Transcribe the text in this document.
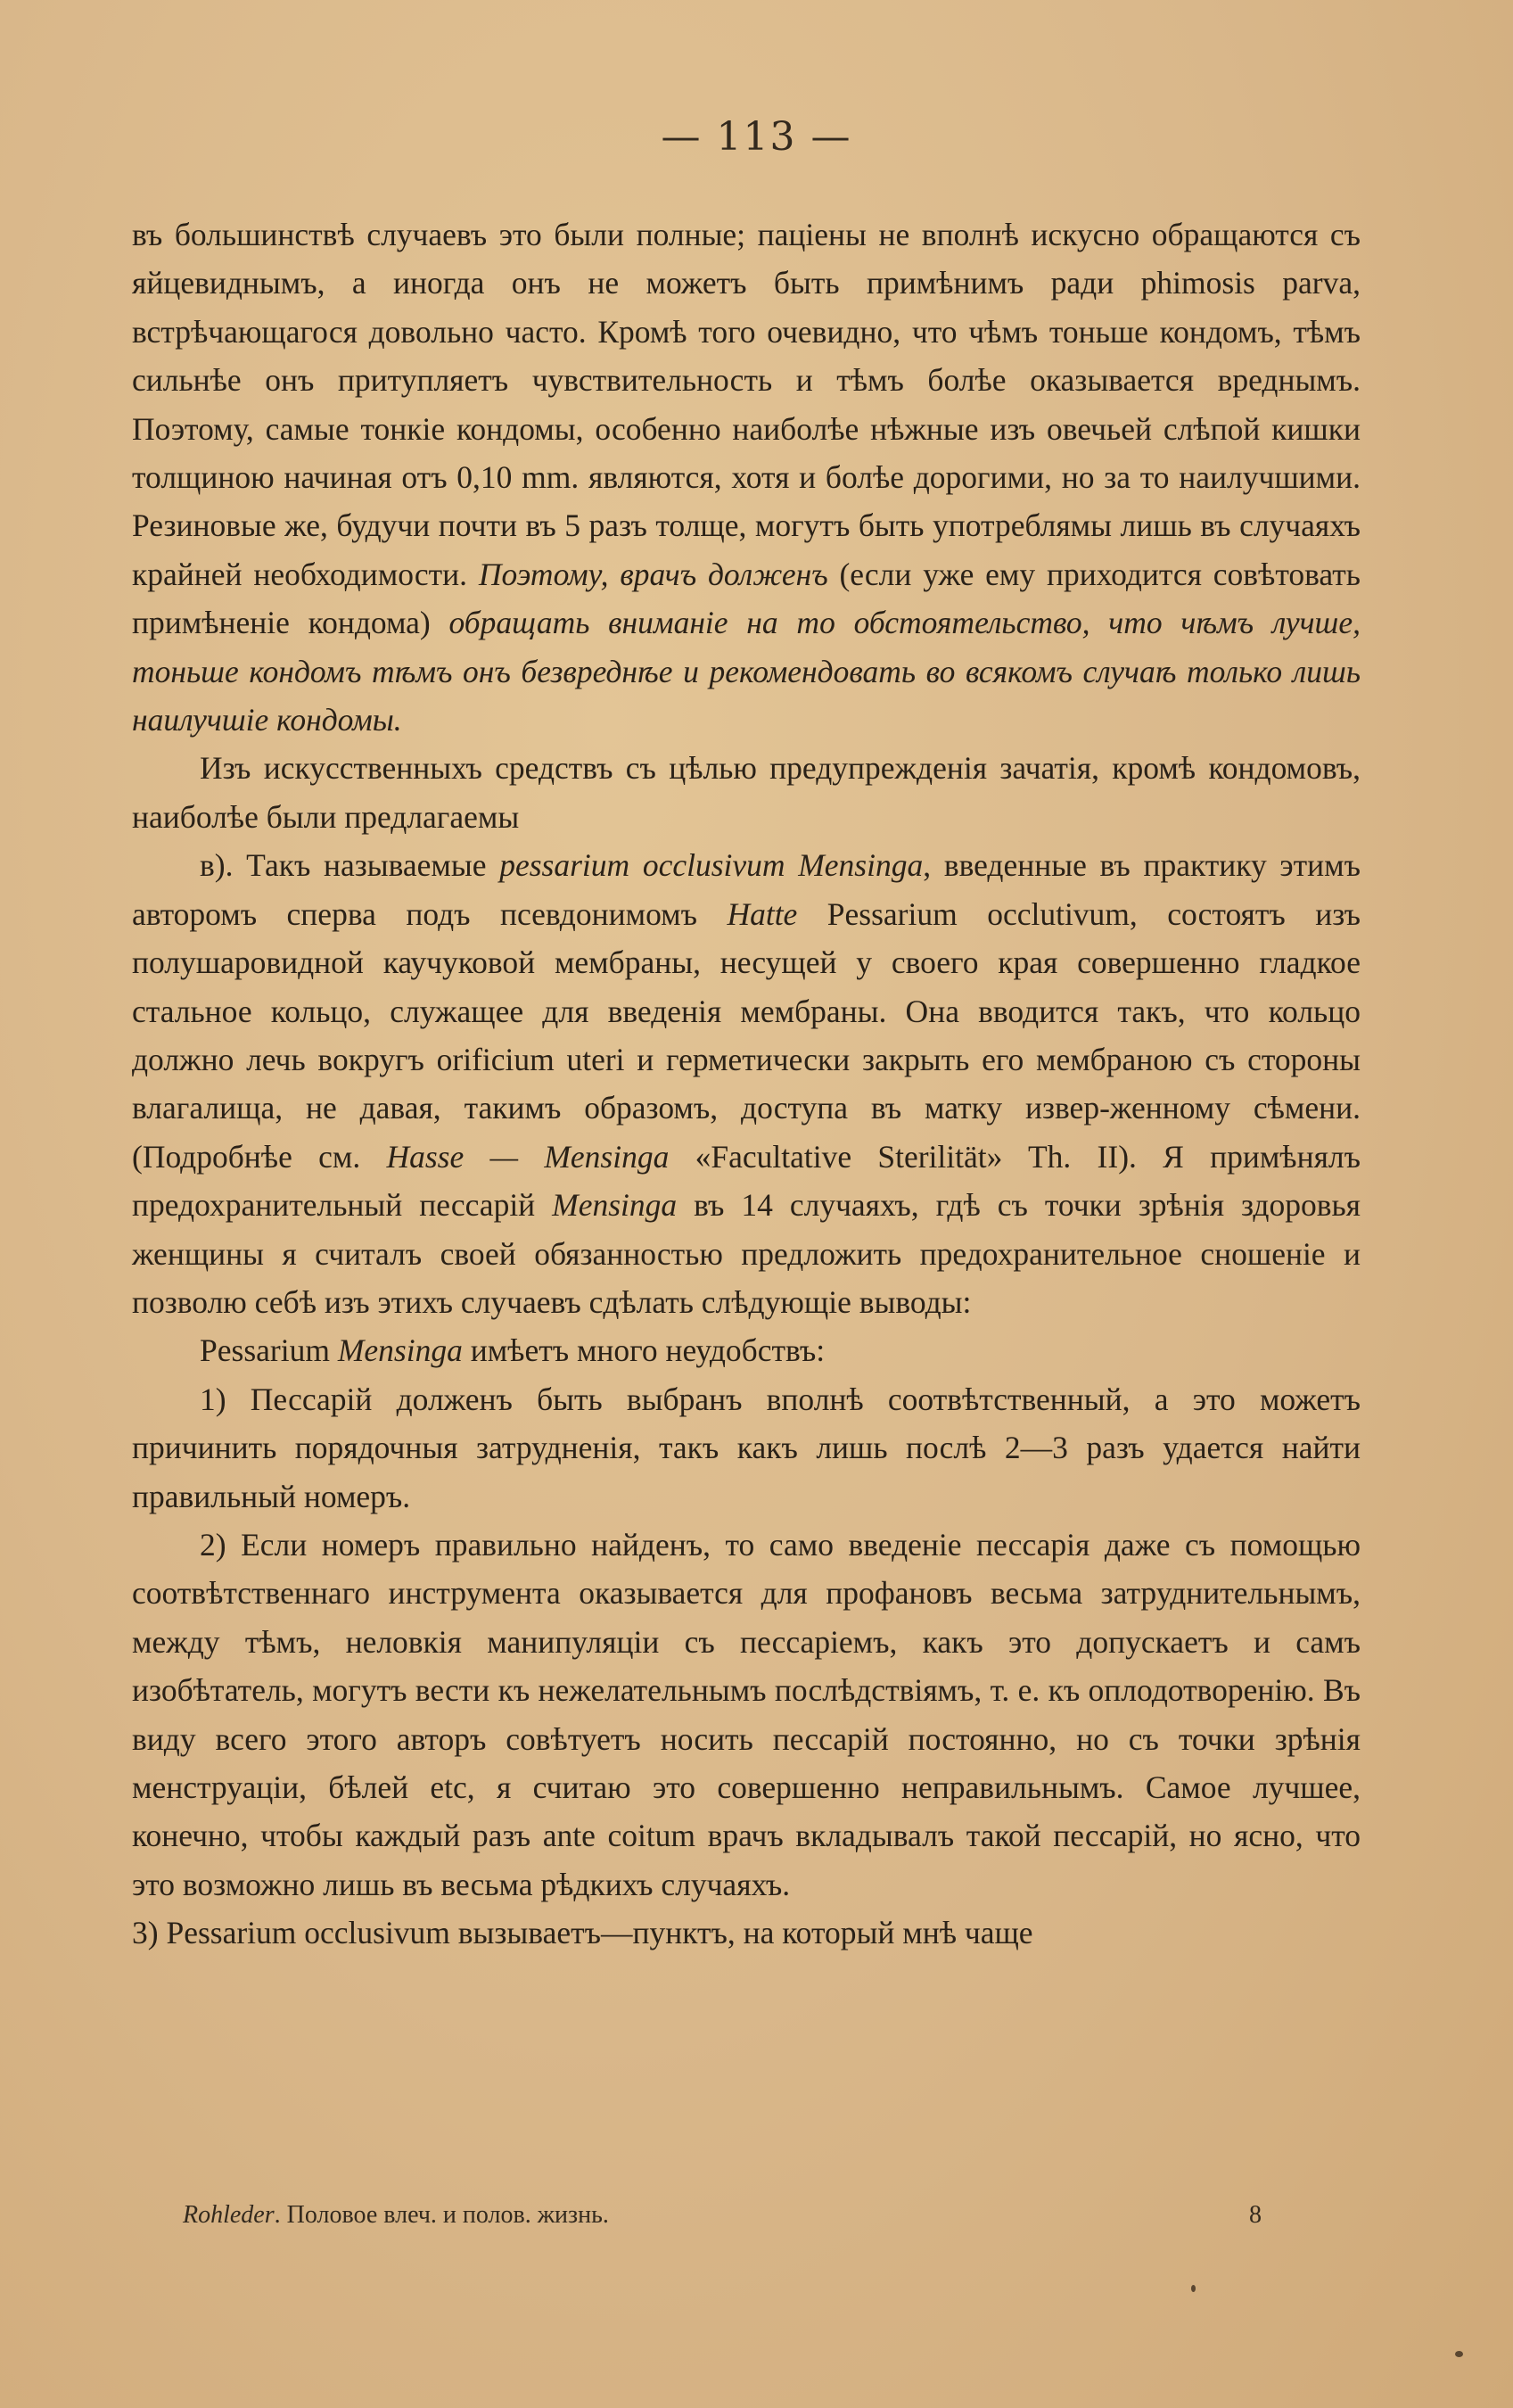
— 113 —

въ большинствѣ случаевъ это были полные; паціены не вполнѣ искусно обращаются съ яйцевиднымъ, а иногда онъ не можетъ быть примѣнимъ ради phimosis parva, встрѣчающагося довольно часто. Кромѣ того очевидно, что чѣмъ тоньше кондомъ, тѣмъ сильнѣе онъ притупляетъ чувствительность и тѣмъ болѣе оказывается вреднымъ. Поэтому, самые тонкіе кондомы, особенно наиболѣе нѣжные изъ овечьей слѣпой кишки толщиною начиная отъ 0,10 mm. являются, хотя и болѣе дорогими, но за то наилучшими. Резиновые же, будучи почти въ 5 разъ толще, могутъ быть употреблямы лишь въ случаяхъ крайней необходимости. Поэтому, врачъ долженъ (если уже ему приходится совѣтовать примѣненіе кондома) обращать вниманіе на то обстоятельство, что чѣмъ лучше, тоньше кондомъ тѣмъ онъ безвреднѣе и рекомендовать во всякомъ случаѣ только лишь наилучшіе кондомы.

Изъ искусственныхъ средствъ съ цѣлью предупрежденія зачатія, кромѣ кондомовъ, наиболѣе были предлагаемы

в). Такъ называемые pessarium occlusivum Mensinga, введенные въ практику этимъ авторомъ сперва подъ псевдонимомъ Hatte Pessarium occlutivum, состоятъ изъ полушаровидной каучуковой мембраны, несущей у своего края совершенно гладкое стальное кольцо, служащее для введенія мембраны. Она вводится такъ, что кольцо должно лечь вокругъ orificium uteri и герметически закрыть его мембраною съ стороны влагалища, не давая, такимъ образомъ, доступа въ матку извер-женному сѣмени. (Подробнѣе см. Hasse — Mensinga «Facultative Sterilität» Th. II). Я примѣнялъ предохранительный пессарій Mensinga въ 14 случаяхъ, гдѣ съ точки зрѣнія здоровья женщины я считалъ своей обязанностью предложить предохранительное сношеніе и позволю себѣ изъ этихъ случаевъ сдѣлать слѣдующіе выводы:

Pessarium Mensinga имѣетъ много неудобствъ:

1) Пессарій долженъ быть выбранъ вполнѣ соотвѣтственный, а это можетъ причинить порядочныя затрудненія, такъ какъ лишь послѣ 2—3 разъ удается найти правильный номеръ.

2) Если номеръ правильно найденъ, то само введеніе пессарія даже съ помощью соотвѣтственнаго инструмента оказывается для профановъ весьма затруднительнымъ, между тѣмъ, неловкія манипуляціи съ пессаріемъ, какъ это допускаетъ и самъ изобѣтатель, могутъ вести къ нежелательнымъ послѣдствіямъ, т. е. къ оплодотворенію. Въ виду всего этого авторъ совѣтуетъ носить пессарій постоянно, но съ точки зрѣнія менструаціи, бѣлей etc, я считаю это совершенно неправильнымъ. Самое лучшее, конечно, чтобы каждый разъ ante coitum врачъ вкладывалъ такой пессарій, но ясно, что это возможно лишь въ весьма рѣдкихъ случаяхъ.

3) Pessarium occlusivum вызываетъ—пунктъ, на который мнѣ чаще

Rohleder. Половое влеч. и полов. жизнь.	8
